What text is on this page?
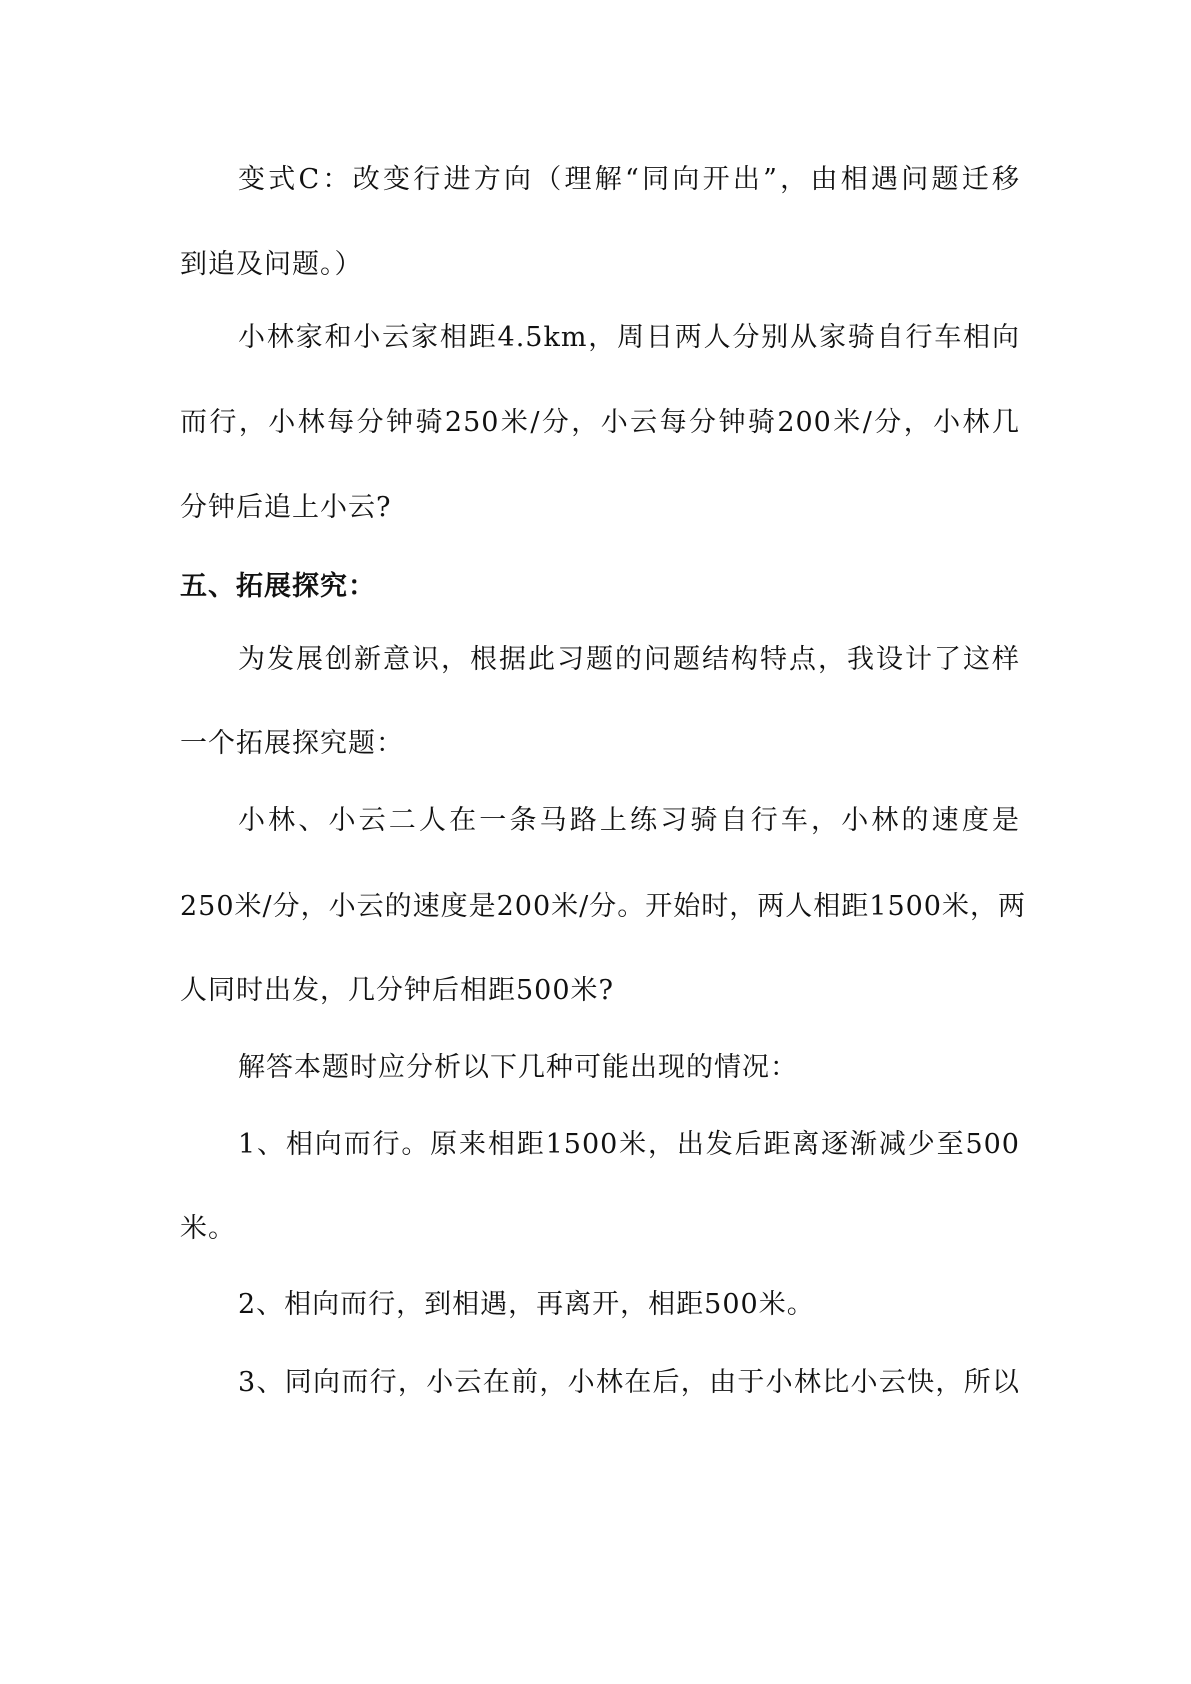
变式C：改变行进方向（理解“同向开出”，由相遇问题迁移
到追及问题。）
小林家和小云家相距4.5km，周日两人分别从家骑自行车相向
而行，小林每分钟骑250米/分，小云每分钟骑200米/分，小林几
分钟后追上小云?
五、拓展探究：
为发展创新意识，根据此习题的问题结构特点，我设计了这样
一个拓展探究题：
小林、小云二人在一条马路上练习骑自行车，小林的速度是
250米/分，小云的速度是200米/分。开始时，两人相距1500米，两
人同时出发，几分钟后相距500米?
解答本题时应分析以下几种可能出现的情况：
1、相向而行。原来相距1500米，出发后距离逐渐减少至500
米。
2、相向而行，到相遇，再离开，相距500米。
3、同向而行，小云在前，小林在后，由于小林比小云快，所以
